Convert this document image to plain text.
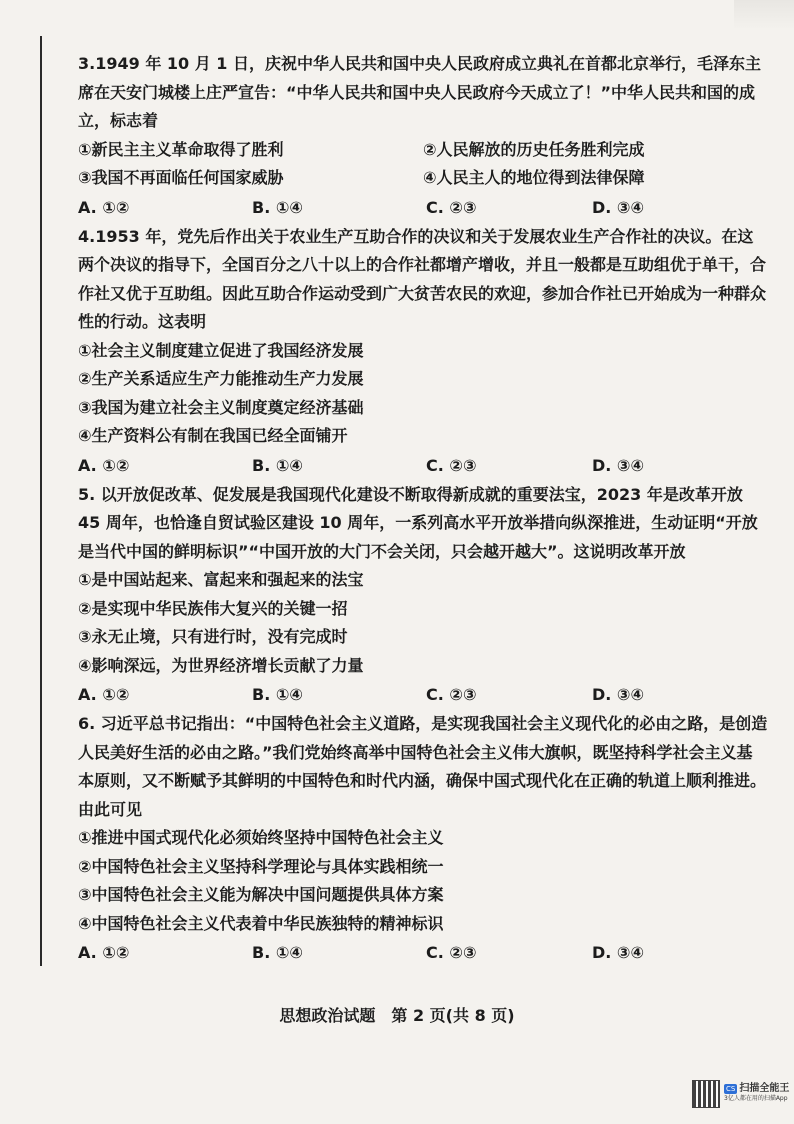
3.1949 年 10 月 1 日，庆祝中华人民共和国中央人民政府成立典礼在首都北京举行，毛泽东主席在天安门城楼上庄严宣告：“中华人民共和国中央人民政府今天成立了！”中华人民共和国的成立，标志着

①新民主主义革命取得了胜利	②人民解放的历史任务胜利完成
③我国不再面临任何国家威胁	④人民主人的地位得到法律保障
A. ①②	B. ①④	C. ②③	D. ③④

4.1953 年，党先后作出关于农业生产互助合作的决议和关于发展农业生产合作社的决议。在这两个决议的指导下，全国百分之八十以上的合作社都增产增收，并且一般都是互助组优于单干，合作社又优于互助组。因此互助合作运动受到广大贫苦农民的欢迎，参加合作社已开始成为一种群众性的行动。这表明

①社会主义制度建立促进了我国经济发展
②生产关系适应生产力能推动生产力发展
③我国为建立社会主义制度奠定经济基础
④生产资料公有制在我国已经全面铺开
A. ①②	B. ①④	C. ②③	D. ③④

5. 以开放促改革、促发展是我国现代化建设不断取得新成就的重要法宝，2023 年是改革开放 45 周年，也恰逢自贸试验区建设 10 周年，一系列高水平开放举措向纵深推进，生动证明“开放是当代中国的鲜明标识”“中国开放的大门不会关闭，只会越开越大”。这说明改革开放

①是中国站起来、富起来和强起来的法宝
②是实现中华民族伟大复兴的关键一招
③永无止境，只有进行时，没有完成时
④影响深远，为世界经济增长贡献了力量
A. ①②	B. ①④	C. ②③	D. ③④

6. 习近平总书记指出：“中国特色社会主义道路，是实现我国社会主义现代化的必由之路，是创造人民美好生活的必由之路。”我们党始终高举中国特色社会主义伟大旗帜，既坚持科学社会主义基本原则，又不断赋予其鲜明的中国特色和时代内涵，确保中国式现代化在正确的轨道上顺利推进。由此可见

①推进中国式现代化必须始终坚持中国特色社会主义
②中国特色社会主义坚持科学理论与具体实践相统一
③中国特色社会主义能为解决中国问题提供具体方案
④中国特色社会主义代表着中华民族独特的精神标识
A. ①②	B. ①④	C. ②③	D. ③④
思想政治试题　第 2 页(共 8 页)
CS 扫描全能王
3亿人都在用的扫描App
